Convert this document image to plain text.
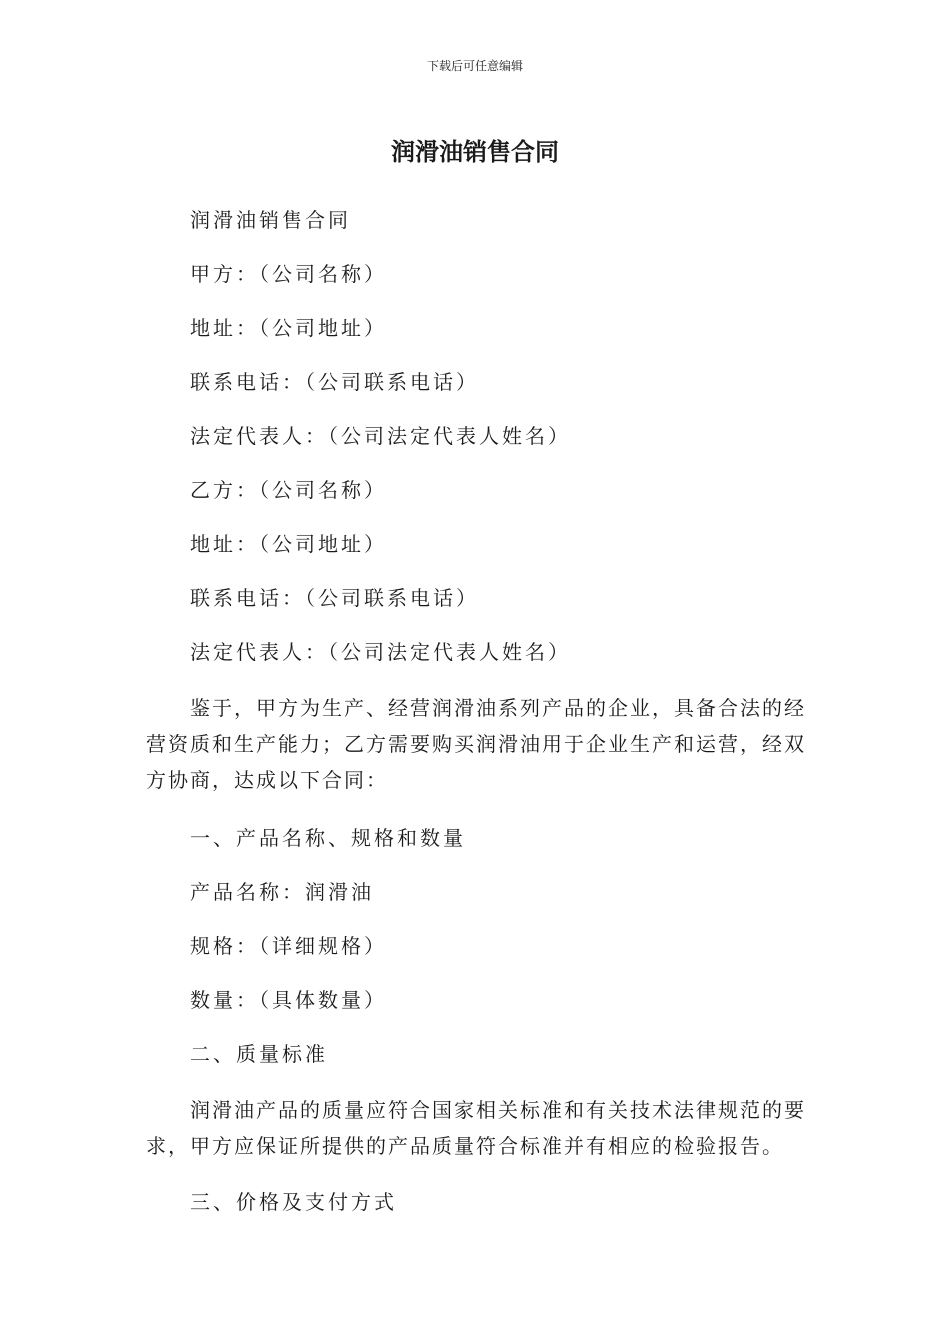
下载后可任意编辑
润滑油销售合同
润滑油销售合同
甲方：（公司名称）
地址：（公司地址）
联系电话：（公司联系电话）
法定代表人：（公司法定代表人姓名）
乙方：（公司名称）
地址：（公司地址）
联系电话：（公司联系电话）
法定代表人：（公司法定代表人姓名）

鉴于，甲方为生产、经营润滑油系列产品的企业，具备合法的经营资质和生产能力；乙方需要购买润滑油用于企业生产和运营，经双方协商，达成以下合同：

一、产品名称、规格和数量
产品名称：润滑油
规格：（详细规格）
数量：（具体数量）
二、质量标准

润滑油产品的质量应符合国家相关标准和有关技术法律规范的要求，甲方应保证所提供的产品质量符合标准并有相应的检验报告。

三、价格及支付方式
